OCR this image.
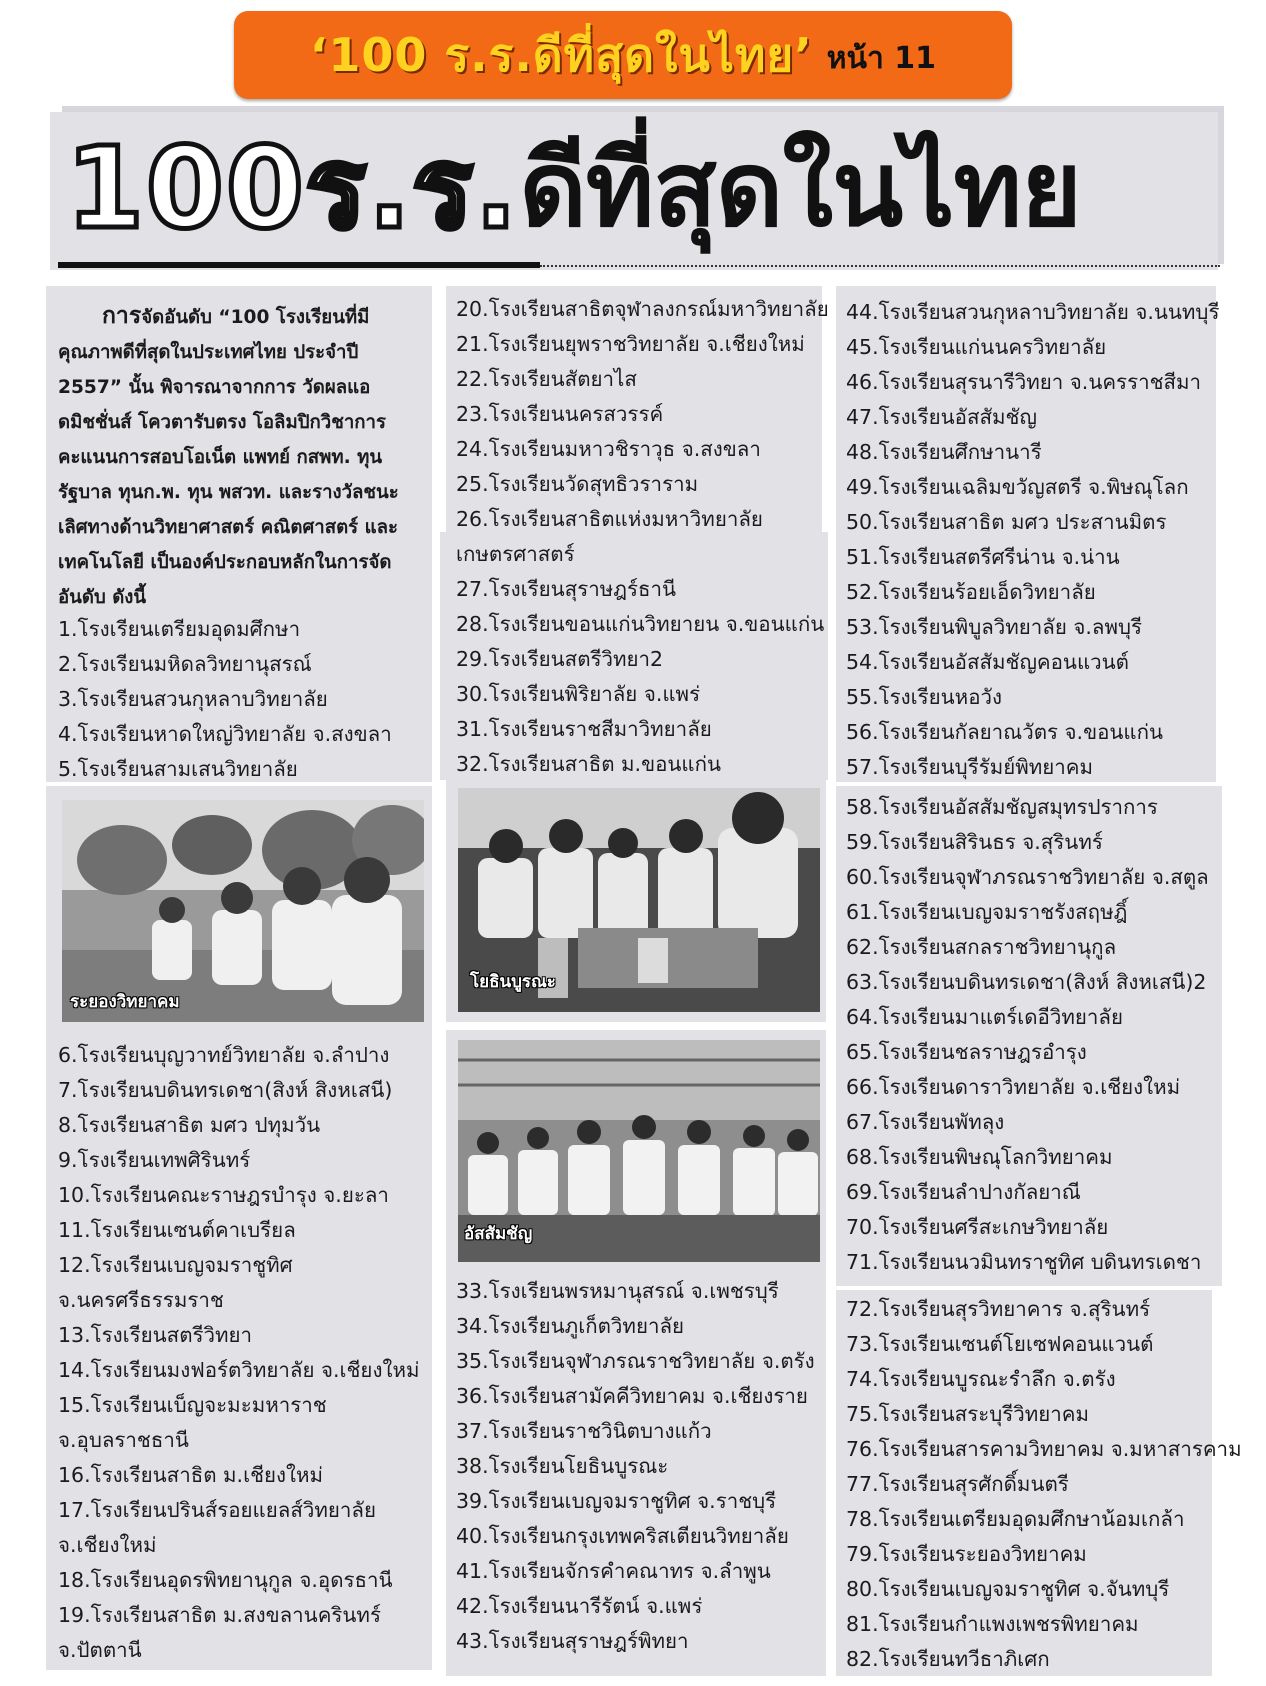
‘100 ร.ร.ดีที่สุดในไทย’ หน้า 11
100ร.ร.ดีที่สุดในไทย
การจัดอันดับ “100 โรงเรียนที่มีคุณภาพดีที่สุดในประเทศไทย ประจำปี 2557” นั้น พิจารณาจากการ วัดผลแอดมิชชั่นส์ โควตารับตรง โอลิมปิกวิชาการ คะแนนการสอบโอเน็ต แพทย์ กสพท. ทุนรัฐบาล ทุนก.พ. ทุน พสวท. และรางวัลชนะเลิศทางด้านวิทยาศาสตร์ คณิตศาสตร์ และเทคโนโลยี เป็นองค์ประกอบหลักในการจัดอันดับ ดังนี้
1.โรงเรียนเตรียมอุดมศึกษา
2.โรงเรียนมหิดลวิทยานุสรณ์
3.โรงเรียนสวนกุหลาบวิทยาลัย
4.โรงเรียนหาดใหญ่วิทยาลัย จ.สงขลา
5.โรงเรียนสามเสนวิทยาลัย
ระยองวิทยาคม
6.โรงเรียนบุญวาทย์วิทยาลัย จ.ลำปาง
7.โรงเรียนบดินทรเดชา(สิงห์ สิงหเสนี)
8.โรงเรียนสาธิต มศว ปทุมวัน
9.โรงเรียนเทพศิรินทร์
10.โรงเรียนคณะราษฎรบำรุง จ.ยะลา
11.โรงเรียนเซนต์คาเบรียล
12.โรงเรียนเบญจมราชูทิศ
จ.นครศรีธรรมราช
13.โรงเรียนสตรีวิทยา
14.โรงเรียนมงฟอร์ตวิทยาลัย จ.เชียงใหม่
15.โรงเรียนเบ็ญจะมะมหาราช
จ.อุบลราชธานี
16.โรงเรียนสาธิต ม.เชียงใหม่
17.โรงเรียนปรินส์รอยแยลส์วิทยาลัย
จ.เชียงใหม่
18.โรงเรียนอุดรพิทยานุกูล จ.อุดรธานี
19.โรงเรียนสาธิต ม.สงขลานครินทร์
จ.ปัตตานี
20.โรงเรียนสาธิตจุฬาลงกรณ์มหาวิทยาลัย
21.โรงเรียนยุพราชวิทยาลัย จ.เชียงใหม่
22.โรงเรียนสัตยาไส
23.โรงเรียนนครสวรรค์
24.โรงเรียนมหาวชิราวุธ จ.สงขลา
25.โรงเรียนวัดสุทธิวราราม
26.โรงเรียนสาธิตแห่งมหาวิทยาลัย
เกษตรศาสตร์
27.โรงเรียนสุราษฎร์ธานี
28.โรงเรียนขอนแก่นวิทยายน จ.ขอนแก่น
29.โรงเรียนสตรีวิทยา2
30.โรงเรียนพิริยาลัย จ.แพร่
31.โรงเรียนราชสีมาวิทยาลัย
32.โรงเรียนสาธิต ม.ขอนแก่น
โยธินบูรณะ
อัสสัมชัญ
33.โรงเรียนพรหมานุสรณ์ จ.เพชรบุรี
34.โรงเรียนภูเก็ตวิทยาลัย
35.โรงเรียนจุฬาภรณราชวิทยาลัย จ.ตรัง
36.โรงเรียนสามัคคีวิทยาคม จ.เชียงราย
37.โรงเรียนราชวินิตบางแก้ว
38.โรงเรียนโยธินบูรณะ
39.โรงเรียนเบญจมราชูทิศ จ.ราชบุรี
40.โรงเรียนกรุงเทพคริสเตียนวิทยาลัย
41.โรงเรียนจักรคำคณาทร จ.ลำพูน
42.โรงเรียนนารีรัตน์ จ.แพร่
43.โรงเรียนสุราษฎร์พิทยา
44.โรงเรียนสวนกุหลาบวิทยาลัย จ.นนทบุรี
45.โรงเรียนแก่นนครวิทยาลัย
46.โรงเรียนสุรนารีวิทยา จ.นครราชสีมา
47.โรงเรียนอัสสัมชัญ
48.โรงเรียนศึกษานารี
49.โรงเรียนเฉลิมขวัญสตรี จ.พิษณุโลก
50.โรงเรียนสาธิต มศว ประสานมิตร
51.โรงเรียนสตรีศรีน่าน จ.น่าน
52.โรงเรียนร้อยเอ็ดวิทยาลัย
53.โรงเรียนพิบูลวิทยาลัย จ.ลพบุรี
54.โรงเรียนอัสสัมชัญคอนแวนต์
55.โรงเรียนหอวัง
56.โรงเรียนกัลยาณวัตร จ.ขอนแก่น
57.โรงเรียนบุรีรัมย์พิทยาคม
58.โรงเรียนอัสสัมชัญสมุทรปราการ
59.โรงเรียนสิรินธร จ.สุรินทร์
60.โรงเรียนจุฬาภรณราชวิทยาลัย จ.สตูล
61.โรงเรียนเบญจมราชรังสฤษฎิ์
62.โรงเรียนสกลราชวิทยานุกูล
63.โรงเรียนบดินทรเดชา(สิงห์ สิงหเสนี)2
64.โรงเรียนมาแตร์เดอีวิทยาลัย
65.โรงเรียนชลราษฎรอำรุง
66.โรงเรียนดาราวิทยาลัย จ.เชียงใหม่
67.โรงเรียนพัทลุง
68.โรงเรียนพิษณุโลกวิทยาคม
69.โรงเรียนลำปางกัลยาณี
70.โรงเรียนศรีสะเกษวิทยาลัย
71.โรงเรียนนวมินทราชูทิศ บดินทรเดชา
72.โรงเรียนสุรวิทยาคาร จ.สุรินทร์
73.โรงเรียนเซนต์โยเซฟคอนแวนต์
74.โรงเรียนบูรณะรำลึก จ.ตรัง
75.โรงเรียนสระบุรีวิทยาคม
76.โรงเรียนสารคามวิทยาคม จ.มหาสารคาม
77.โรงเรียนสุรศักดิ์มนตรี
78.โรงเรียนเตรียมอุดมศึกษาน้อมเกล้า
79.โรงเรียนระยองวิทยาคม
80.โรงเรียนเบญจมราชูทิศ จ.จันทบุรี
81.โรงเรียนกำแพงเพชรพิทยาคม
82.โรงเรียนทวีธาภิเศก
